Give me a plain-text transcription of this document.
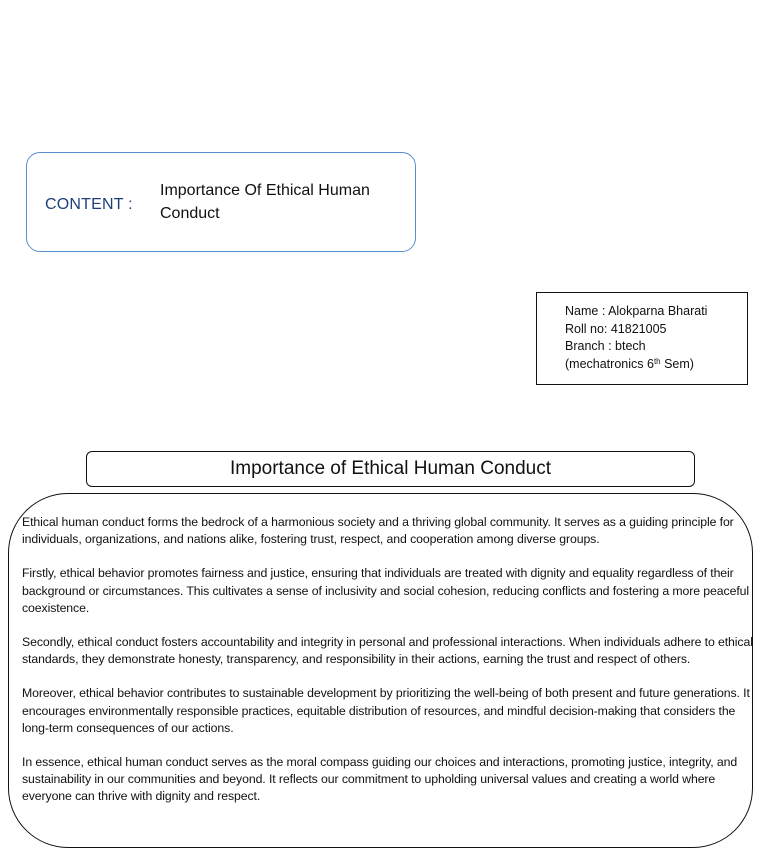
CONTENT :
Importance Of Ethical Human
Conduct
Name : Alokparna Bharati
Roll no: 41821005
Branch : btech
(mechatronics 6th Sem)
Importance of Ethical Human Conduct

Ethical human conduct forms the bedrock of a harmonious society and a thriving global community. It serves as a guiding principle for individuals, organizations, and nations alike, fostering trust, respect, and cooperation among diverse groups.

Firstly, ethical behavior promotes fairness and justice, ensuring that individuals are treated with dignity and equality regardless of their background or circumstances. This cultivates a sense of inclusivity and social cohesion, reducing conflicts and fostering a more peaceful coexistence.

Secondly, ethical conduct fosters accountability and integrity in personal and professional interactions. When individuals adhere to ethical standards, they demonstrate honesty, transparency, and responsibility in their actions, earning the trust and respect of others.

Moreover, ethical behavior contributes to sustainable development by prioritizing the well-being of both present and future generations. It encourages environmentally responsible practices, equitable distribution of resources, and mindful decision-making that considers the long-term consequences of our actions.

In essence, ethical human conduct serves as the moral compass guiding our choices and interactions, promoting justice, integrity, and sustainability in our communities and beyond. It reflects our commitment to upholding universal values and creating a world where everyone can thrive with dignity and respect.
